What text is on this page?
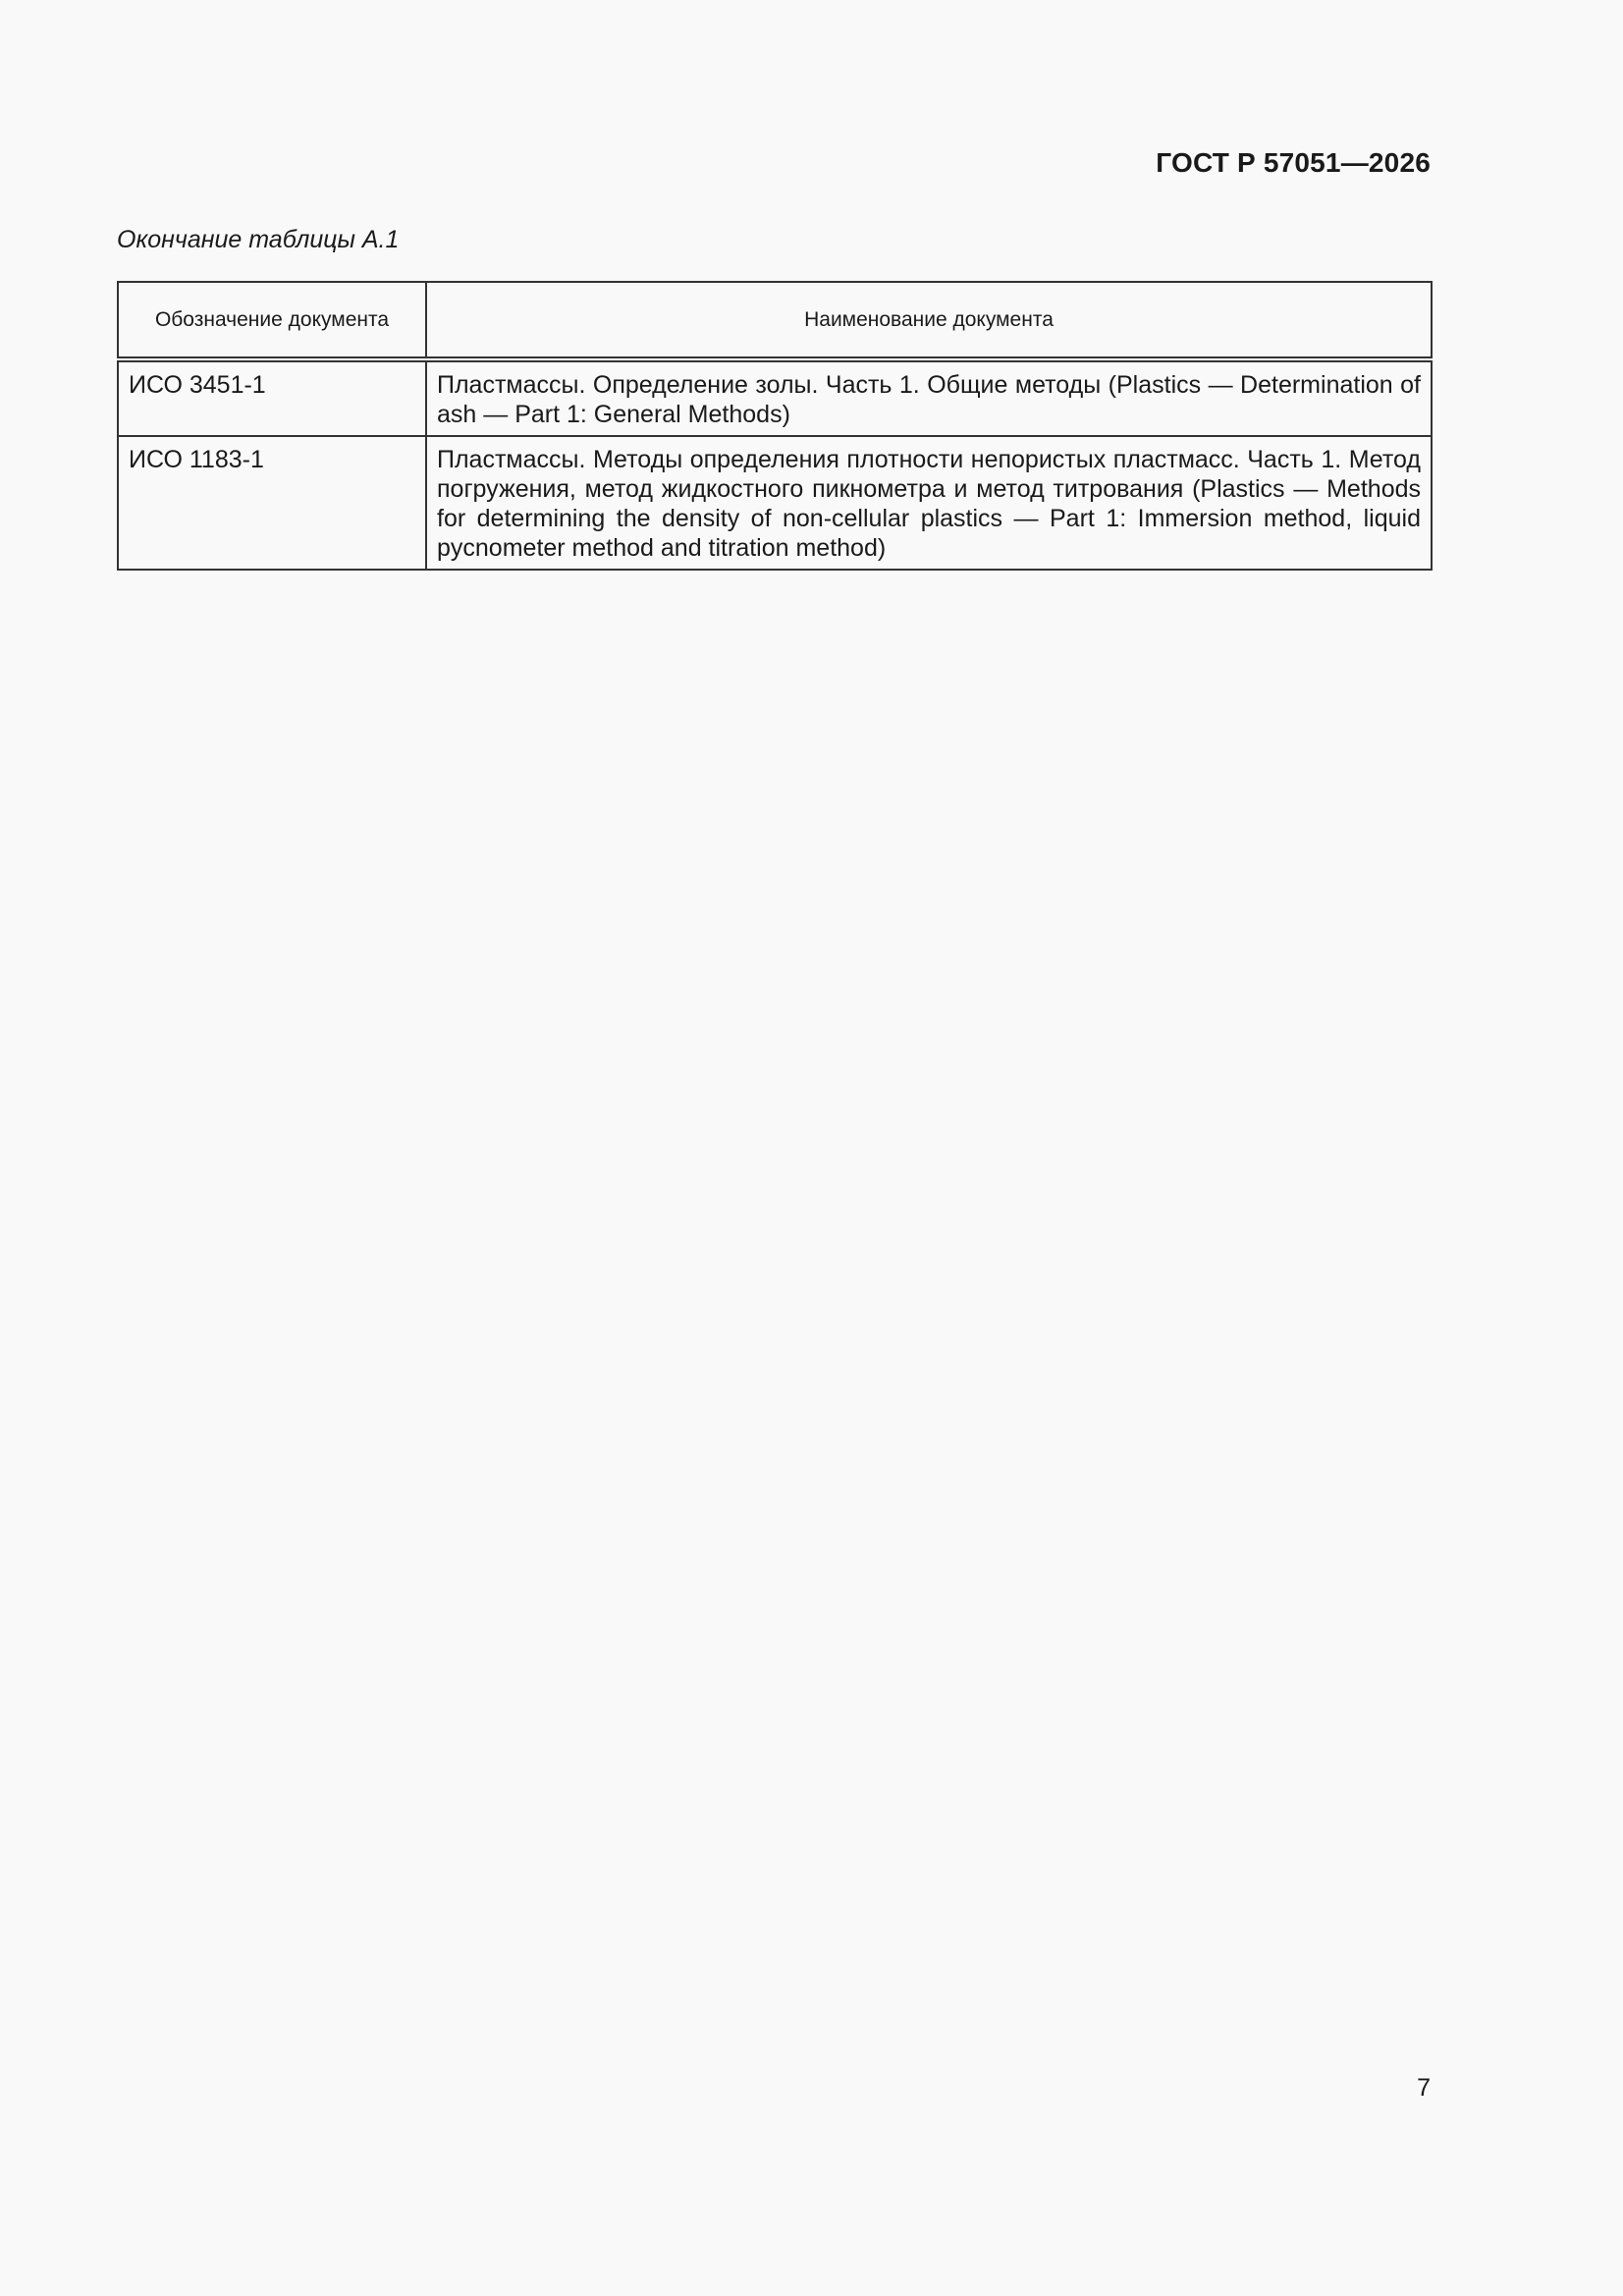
ГОСТ Р 57051—2026
Окончание таблицы А.1
Обозначение документа	Наименование документа
ИСО 3451-1	Пластмассы. Определение золы. Часть 1. Общие методы (Plastics — Determination of ash — Part 1: General Methods)
ИСО 1183-1	Пластмассы. Методы определения плотности непористых пластмасс. Часть 1. Метод погружения, метод жидкостного пикнометра и метод титрования (Plastics — Methods for determining the density of non-cellular plastics — Part 1: Immersion method, liquid pycnometer method and titration method)
7
